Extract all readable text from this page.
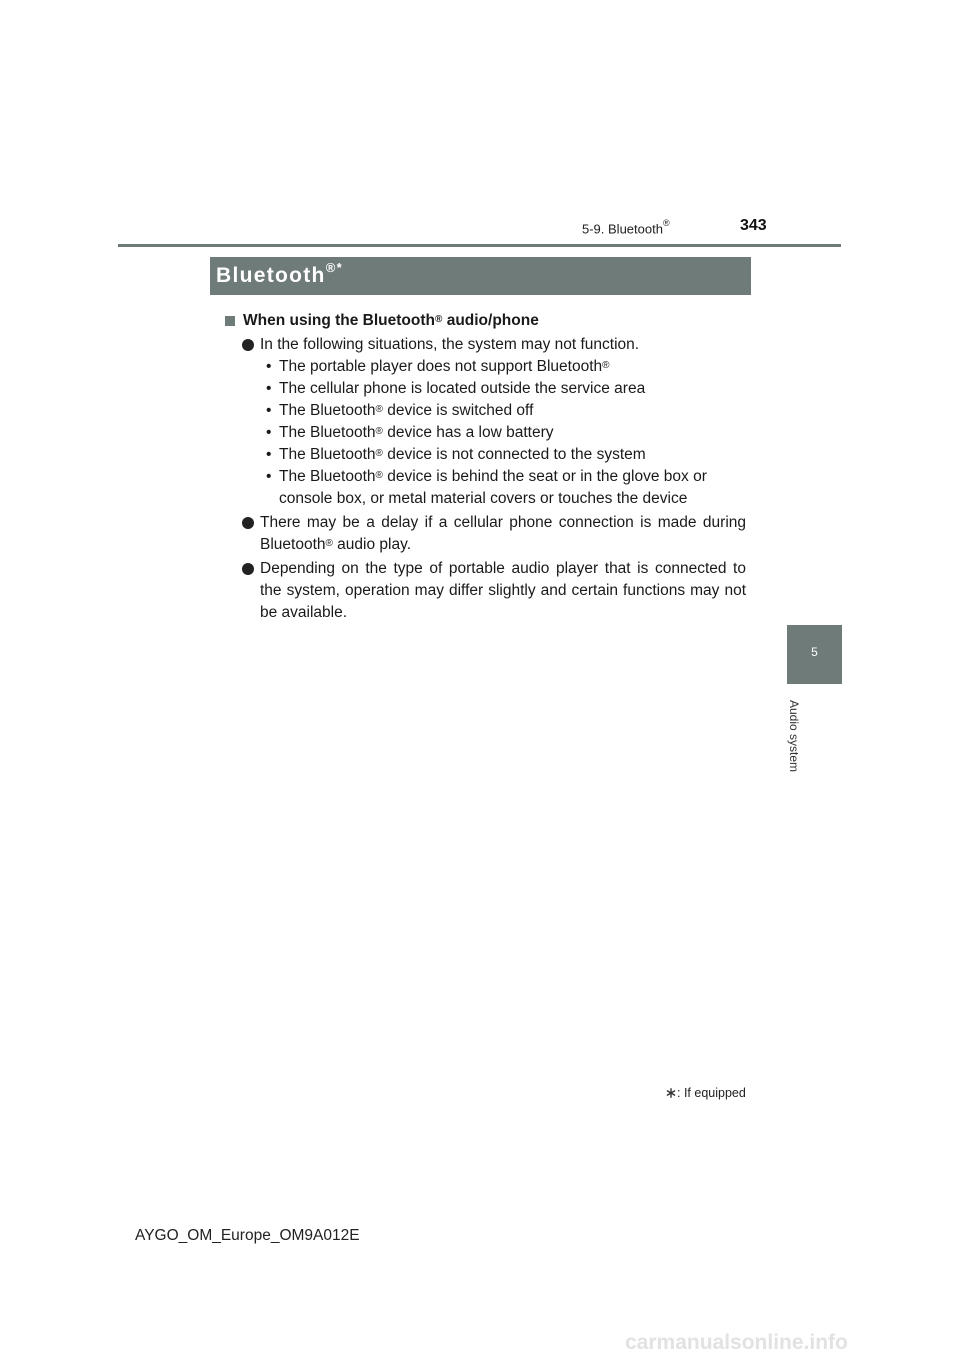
5-9. Bluetooth®	343
Bluetooth®*
5
Audio system
When using the Bluetooth® audio/phone
In the following situations, the system may not function.
• The portable player does not support Bluetooth®
• The cellular phone is located outside the service area
• The Bluetooth® device is switched off
• The Bluetooth® device has a low battery
• The Bluetooth® device is not connected to the system
• The Bluetooth® device is behind the seat or in the glove box or console box, or metal material covers or touches the device
There may be a delay if a cellular phone connection is made during Bluetooth® audio play.
Depending on the type of portable audio player that is connected to the system, operation may differ slightly and certain functions may not be available.
: If equipped
AYGO_OM_Europe_OM9A012E
carmanualsonline.info
